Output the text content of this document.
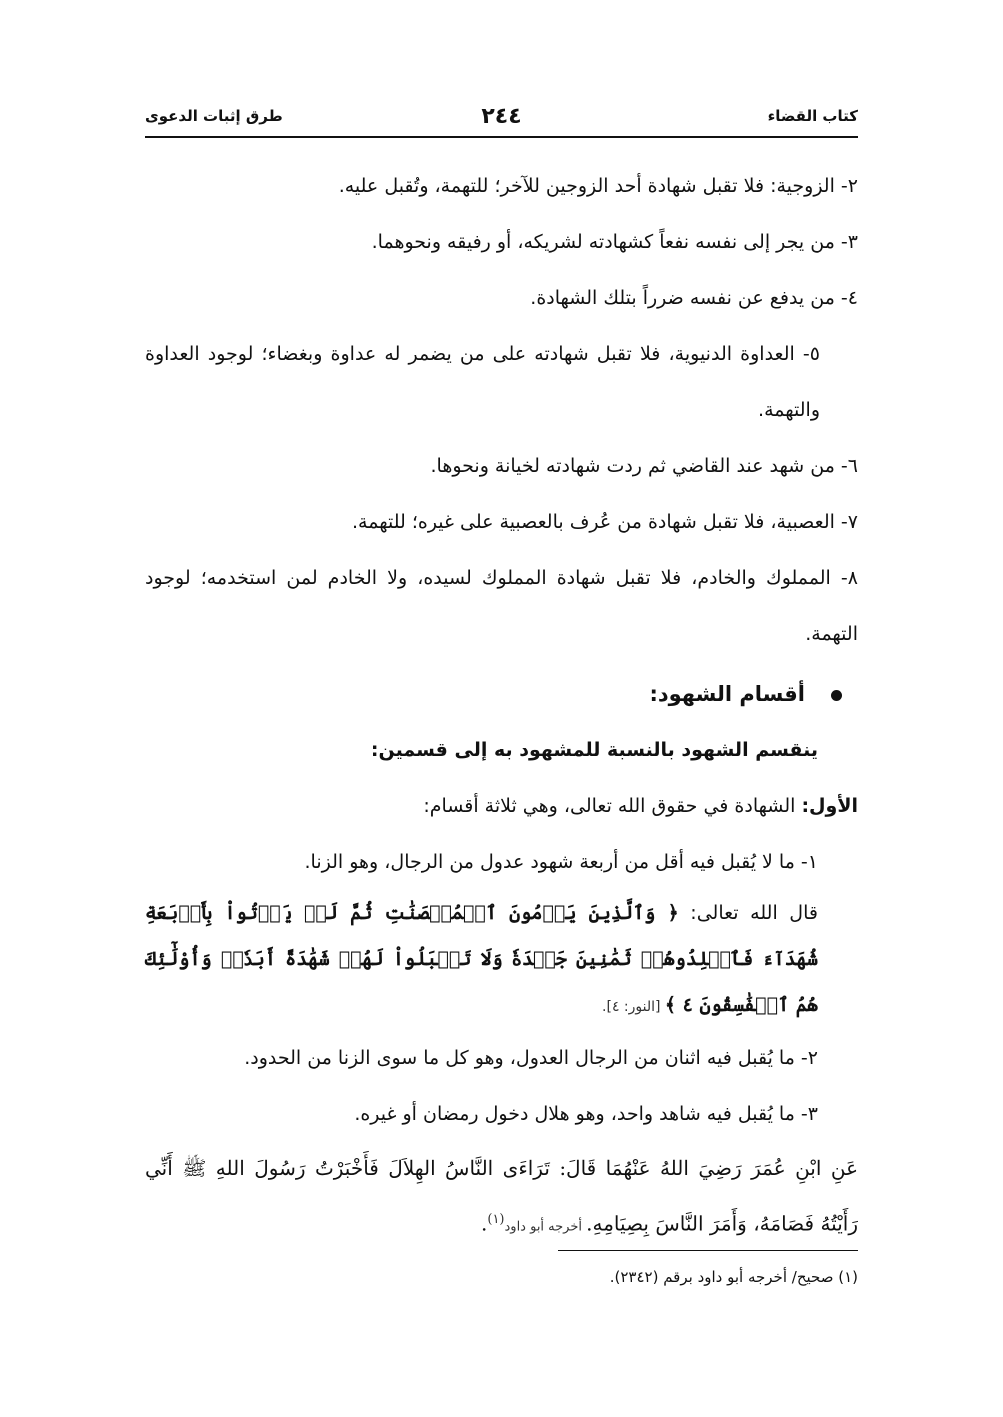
كتاب القضاء
٢٤٤
طرق إثبات الدعوى
٢- الزوجية: فلا تقبل شهادة أحد الزوجين للآخر؛ للتهمة، وتُقبل عليه.
٣- من يجر إلى نفسه نفعاً كشهادته لشريكه، أو رفيقه ونحوهما.
٤- من يدفع عن نفسه ضرراً بتلك الشهادة.
٥- العداوة الدنيوية، فلا تقبل شهادته على من يضمر له عداوة وبغضاء؛ لوجود العداوة والتهمة.
٦- من شهد عند القاضي ثم ردت شهادته لخيانة ونحوها.
٧- العصبية، فلا تقبل شهادة من عُرف بالعصبية على غيره؛ للتهمة.
٨- المملوك والخادم، فلا تقبل شهادة المملوك لسيده، ولا الخادم لمن استخدمه؛ لوجود التهمة.
أقسام الشهود:
ينقسم الشهود بالنسبة للمشهود به إلى قسمين:
الأول: الشهادة في حقوق الله تعالى، وهي ثلاثة أقسام:
١- ما لا يُقبل فيه أقل من أربعة شهود عدول من الرجال، وهو الزنا.
قال الله تعالى: ﴿ وَٱلَّذِينَ يَرۡمُونَ ٱلۡمُحۡصَنَٰتِ ثُمَّ لَمۡ يَأۡتُواْ بِأَرۡبَعَةِ شُهَدَآءَ فَٱجۡلِدُوهُمۡ ثَمَٰنِينَ جَلۡدَةٗ وَلَا تَقۡبَلُواْ لَهُمۡ شَهَٰدَةً أَبَدٗاۚ وَأُوْلَٰٓئِكَ هُمُ ٱلۡفَٰسِقُونَ ٤ ﴾ [النور: ٤].
٢- ما يُقبل فيه اثنان من الرجال العدول، وهو كل ما سوى الزنا من الحدود.
٣- ما يُقبل فيه شاهد واحد، وهو هلال دخول رمضان أو غيره.
عَنِ ابْنِ عُمَرَ رَضِيَ اللهُ عَنْهُمَا قَالَ: تَرَاءَى النَّاسُ الهِلاَلَ فَأَخْبَرْتُ رَسُولَ اللهِ ﷺ أَنِّي رَأَيْتُهُ فَصَامَهُ، وَأَمَرَ النَّاسَ بِصِيَامِهِ. أخرجه أبو داود$^{(١)}$.
(١) صحيح/ أخرجه أبو داود برقم (٢٣٤٢).
